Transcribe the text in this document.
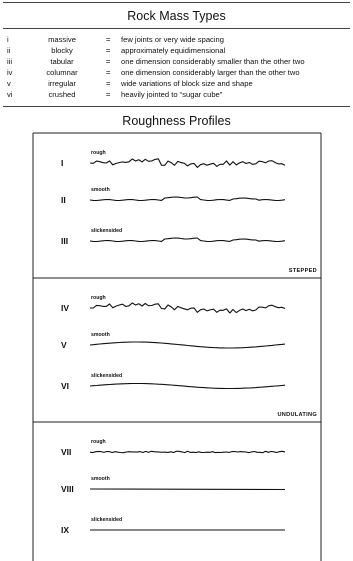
Rock Mass Types
i	massive	= few joints or very wide spacing
ii	blocky	= approximately equidimensional
iii	tabular	= one dimension considerably smaller than the other two
iv	columnar	= one dimension considerably larger than the other two
v	irregular	= wide variations of block size and shape
vi	crushed	= heavily jointed to “sugar cube”
Roughness Profiles
I
rough
II
smooth
III
slickensided
STEPPED
IV
rough
V
smooth
VI
slickensided
UNDULATING
VII
rough
VIII
smooth
IX
slickensided
